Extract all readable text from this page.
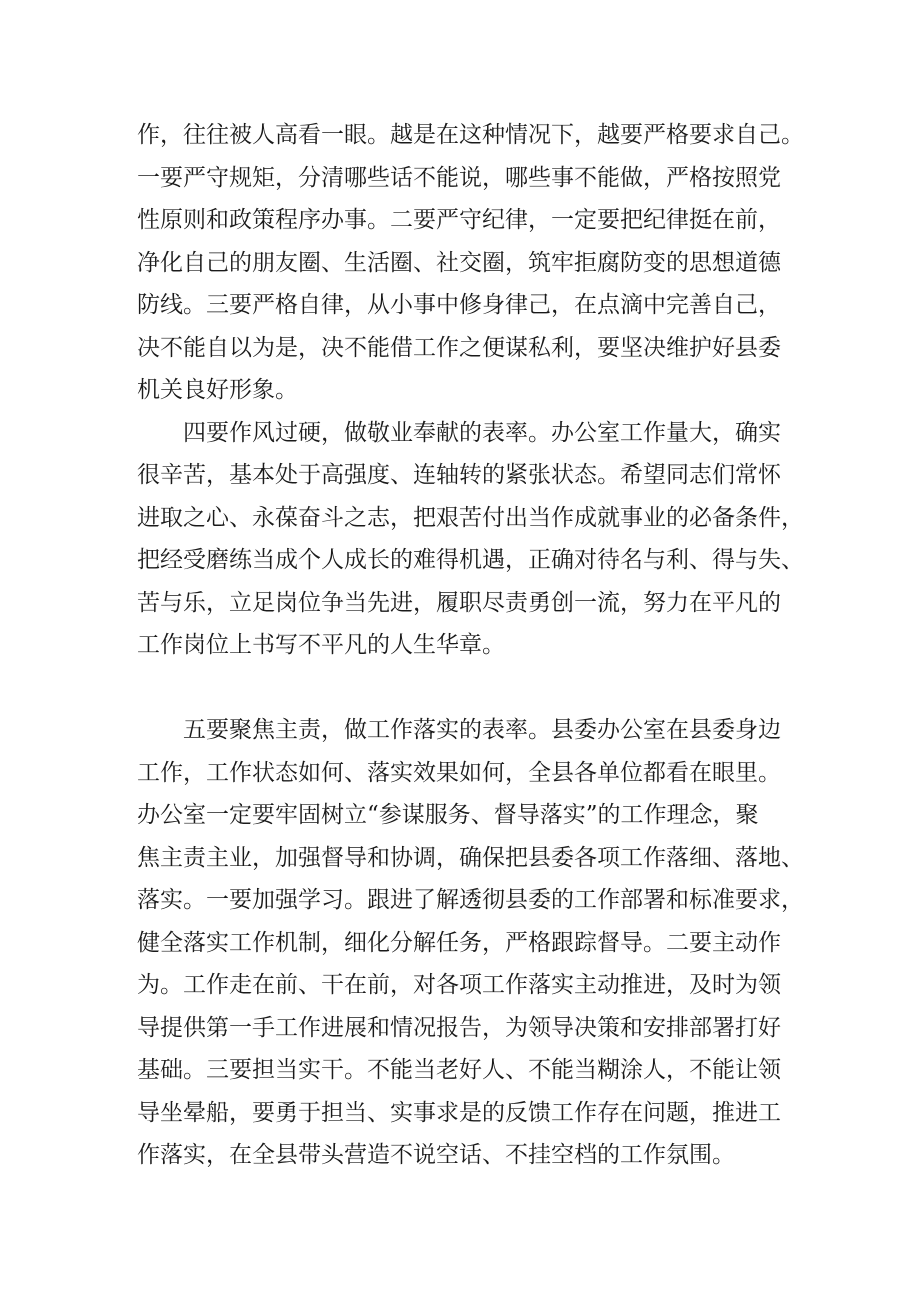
作，往往被人高看一眼。越是在这种情况下，越要严格要求自己。
一要严守规矩，分清哪些话不能说，哪些事不能做，严格按照党
性原则和政策程序办事。二要严守纪律，一定要把纪律挺在前，
净化自己的朋友圈、生活圈、社交圈，筑牢拒腐防变的思想道德
防线。三要严格自律，从小事中修身律己，在点滴中完善自己，
决不能自以为是，决不能借工作之便谋私利，要坚决维护好县委
机关良好形象。
四要作风过硬，做敬业奉献的表率。办公室工作量大，确实
很辛苦，基本处于高强度、连轴转的紧张状态。希望同志们常怀
进取之心、永葆奋斗之志，把艰苦付出当作成就事业的必备条件，
把经受磨练当成个人成长的难得机遇，正确对待名与利、得与失、
苦与乐，立足岗位争当先进，履职尽责勇创一流，努力在平凡的
工作岗位上书写不平凡的人生华章。
五要聚焦主责，做工作落实的表率。县委办公室在县委身边
工作，工作状态如何、落实效果如何，全县各单位都看在眼里。
办公室一定要牢固树立“参谋服务、督导落实”的工作理念，聚
焦主责主业，加强督导和协调，确保把县委各项工作落细、落地、
落实。一要加强学习。跟进了解透彻县委的工作部署和标准要求，
健全落实工作机制，细化分解任务，严格跟踪督导。二要主动作
为。工作走在前、干在前，对各项工作落实主动推进，及时为领
导提供第一手工作进展和情况报告，为领导决策和安排部署打好
基础。三要担当实干。不能当老好人、不能当糊涂人，不能让领
导坐晕船，要勇于担当、实事求是的反馈工作存在问题，推进工
作落实，在全县带头营造不说空话、不挂空档的工作氛围。
